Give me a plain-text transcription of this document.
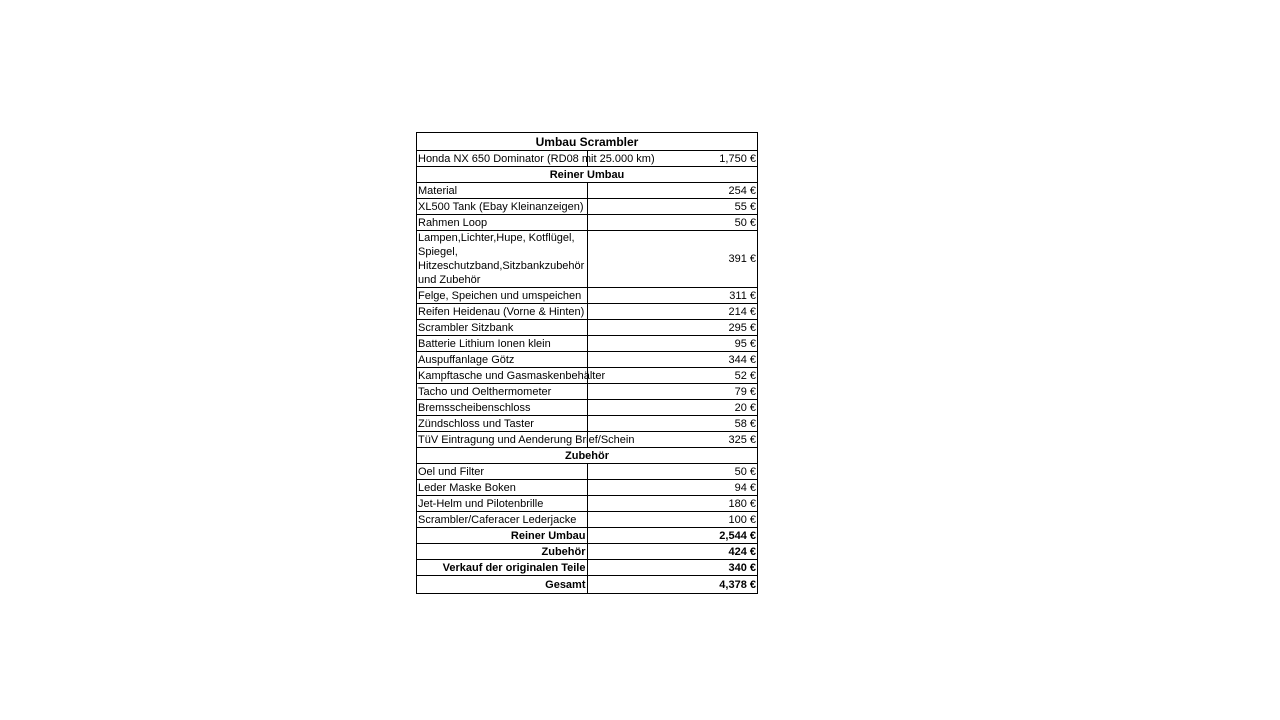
Umbau Scrambler	
Honda NX 650 Dominator (RD08 mit 25.000 km)	1,750 €
Reiner Umbau	
Material	254 €
XL500 Tank (Ebay Kleinanzeigen)	55 €
Rahmen Loop	50 €
Lampen,Lichter,Hupe, Kotflügel, Spiegel, Hitzeschutzband,Sitzbankzubehör und Zubehör	391 €
Felge, Speichen und umspeichen	311 €
Reifen Heidenau (Vorne & Hinten)	214 €
Scrambler Sitzbank	295 €
Batterie Lithium Ionen klein	95 €
Auspuffanlage Götz	344 €
Kampftasche und Gasmaskenbehälter	52 €
Tacho und Oelthermometer	79 €
Bremsscheibenschloss	20 €
Zündschloss und Taster	58 €
TüV Eintragung und Aenderung Brief/Schein	325 €
Zubehör	
Oel und Filter	50 €
Leder Maske Boken	94 €
Jet-Helm und Pilotenbrille	180 €
Scrambler/Caferacer Lederjacke	100 €
Reiner Umbau	2,544 €
Zubehör	424 €
Verkauf der originalen Teile	340 €
Gesamt	4,378 €
